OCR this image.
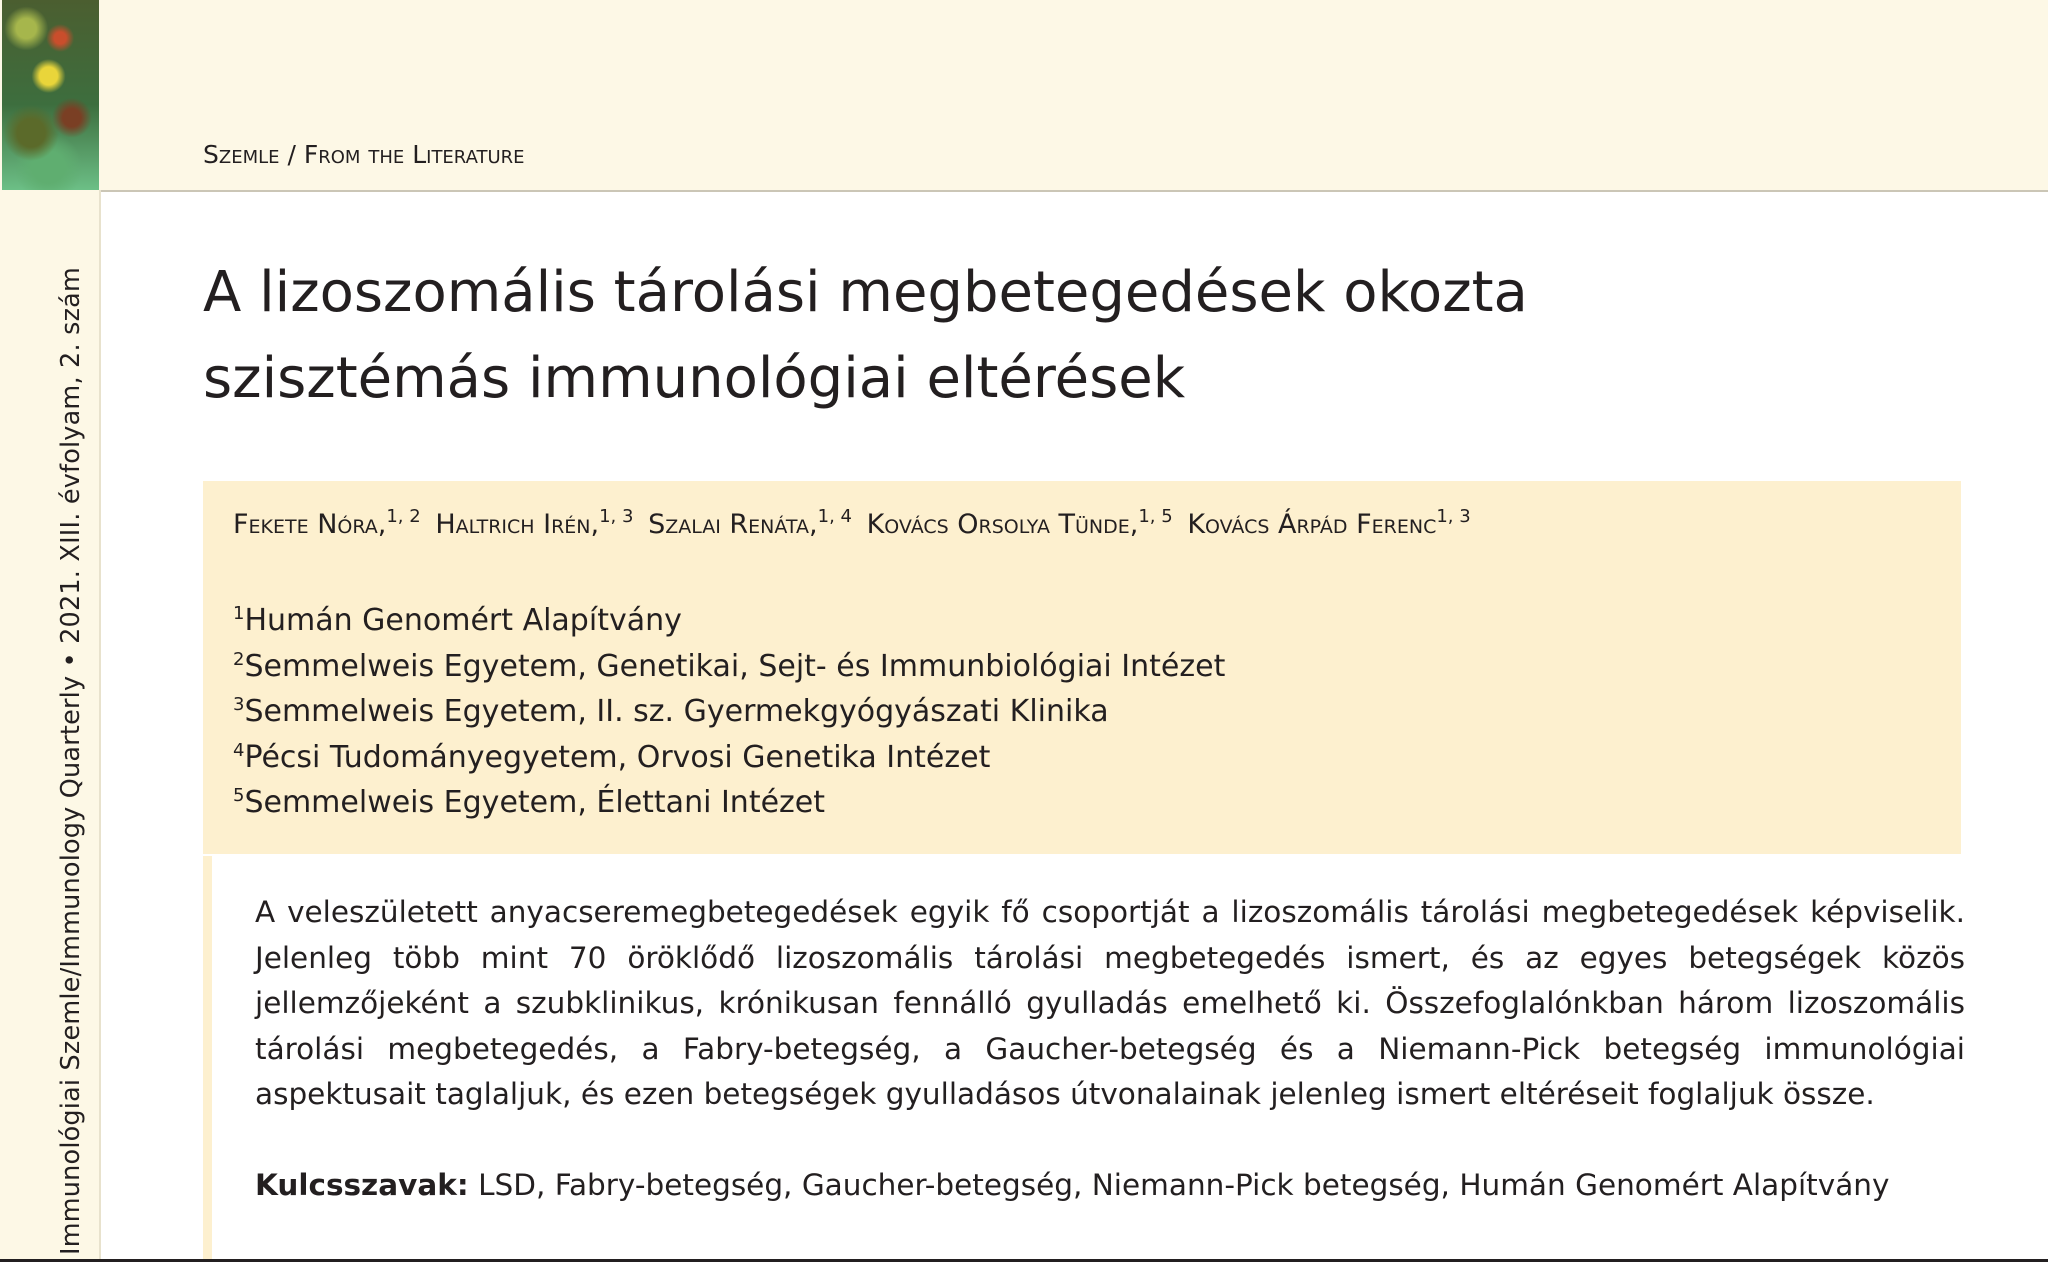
Szemle / From the Literature
Immunológiai Szemle/Immunology Quarterly • 2021. XIII. évfolyam, 2. szám A lizoszomális tárolási megbetegedések okozta
szisztémás immunológiai eltérések
Fekete Nóra,$^{1, 2}$ Haltrich Irén,$^{1, 3}$ Szalai Renáta,$^{1, 4}$ Kovács Orsolya Tünde,$^{1, 5}$ Kovács Árpád Ferenc$^{1, 3}$
$^1$Humán Genomért Alapítvány
$^2$Semmelweis Egyetem, Genetikai, Sejt- és Immunbiológiai Intézet
$^3$Semmelweis Egyetem, II. sz. Gyermekgyógyászati Klinika
$^4$Pécsi Tudományegyetem, Orvosi Genetika Intézet
$^5$Semmelweis Egyetem, Élettani Intézet

A veleszületett anyacseremegbetegedések egyik fő csoportját a lizoszomális tárolási megbetegedések képviselik. Jelenleg több mint 70 öröklődő lizoszomális tárolási megbetegedés ismert, és az egyes betegségek közös jellemzőjeként a szubklinikus, krónikusan fennálló gyulladás emelhető ki. Összefoglalónkban három lizoszomális tárolási megbetegedés, a Fabry-betegség, a Gaucher-betegség és a Niemann-Pick betegség immunológiai aspektusait taglaljuk, és ezen betegségek gyulladásos útvonalainak jelenleg ismert eltéréseit foglaljuk össze.

Kulcsszavak: LSD, Fabry-betegség, Gaucher-betegség, Niemann-Pick betegség, Humán Genomért Alapítvány
